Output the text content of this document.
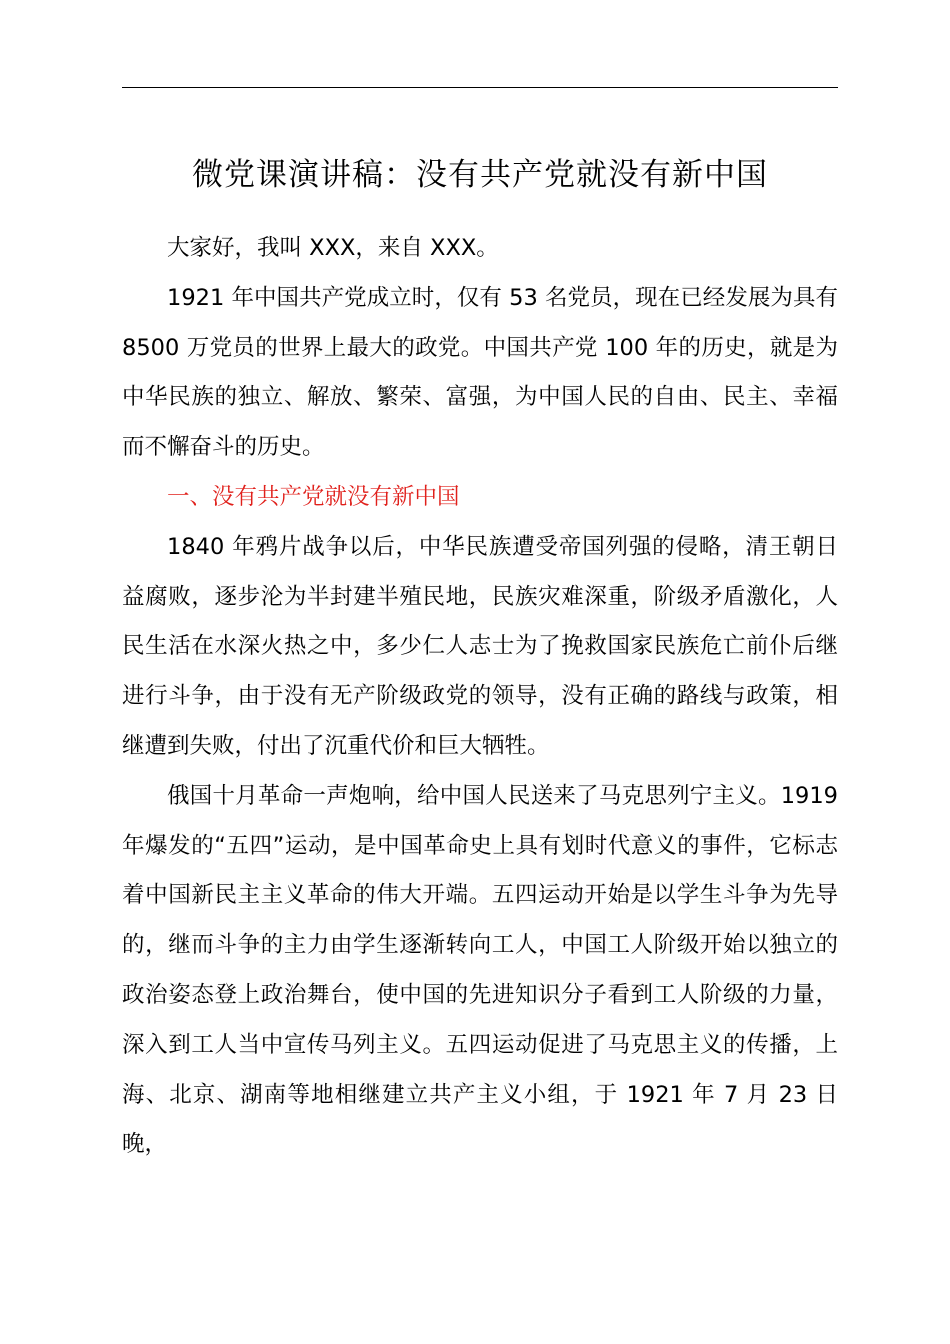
微党课演讲稿：没有共产党就没有新中国

大家好，我叫 XXX，来自 XXX。

1921 年中国共产党成立时，仅有 53 名党员，现在已经发展为具有 8500 万党员的世界上最大的政党。中国共产党 100 年的历史，就是为中华民族的独立、解放、繁荣、富强，为中国人民的自由、民主、幸福而不懈奋斗的历史。

一、没有共产党就没有新中国

1840 年鸦片战争以后，中华民族遭受帝国列强的侵略，清王朝日益腐败，逐步沦为半封建半殖民地，民族灾难深重，阶级矛盾激化，人民生活在水深火热之中，多少仁人志士为了挽救国家民族危亡前仆后继进行斗争，由于没有无产阶级政党的领导，没有正确的路线与政策，相继遭到失败，付出了沉重代价和巨大牺牲。

俄国十月革命一声炮响，给中国人民送来了马克思列宁主义。1919 年爆发的“五四”运动，是中国革命史上具有划时代意义的事件，它标志着中国新民主主义革命的伟大开端。五四运动开始是以学生斗争为先导的，继而斗争的主力由学生逐渐转向工人，中国工人阶级开始以独立的政治姿态登上政治舞台，使中国的先进知识分子看到工人阶级的力量，深入到工人当中宣传马列主义。五四运动促进了马克思主义的传播，上海、北京、湖南等地相继建立共产主义小组，于 1921 年 7 月 23 日晚，
